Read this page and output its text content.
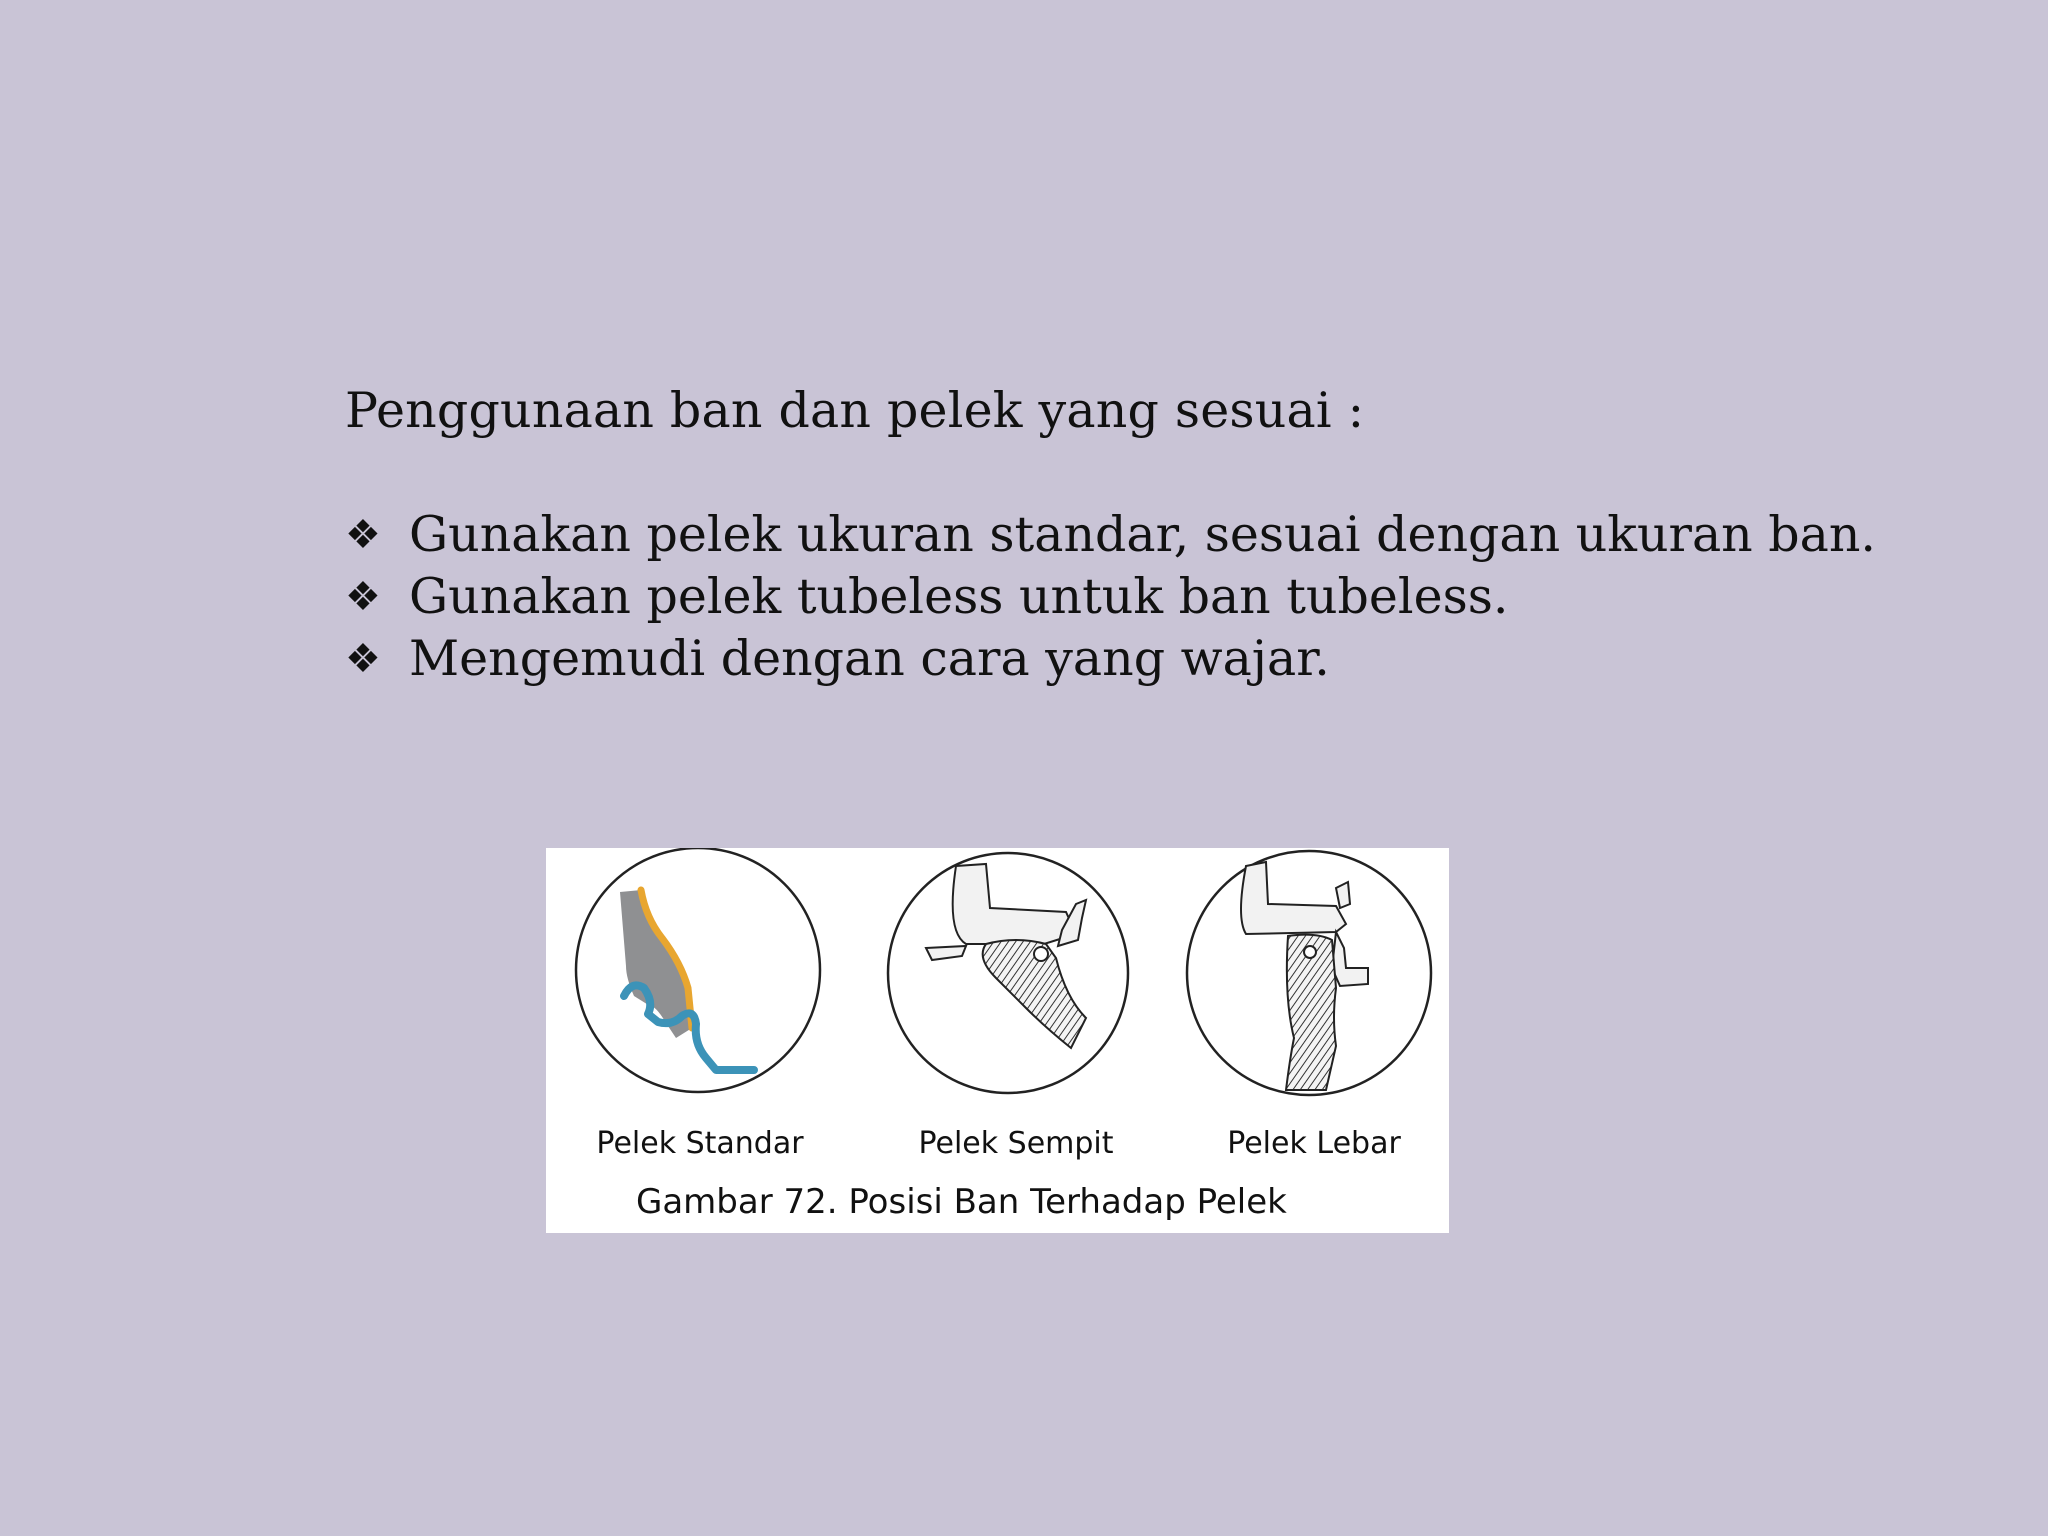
Penggunaan ban dan pelek yang sesuai :
❖ Gunakan pelek ukuran standar, sesuai dengan ukuran ban.
❖ Gunakan pelek tubeless untuk ban tubeless.
❖ Mengemudi dengan cara yang wajar.
Pelek Standar	Pelek Sempit	Pelek Lebar
Gambar 72. Posisi Ban Terhadap Pelek
